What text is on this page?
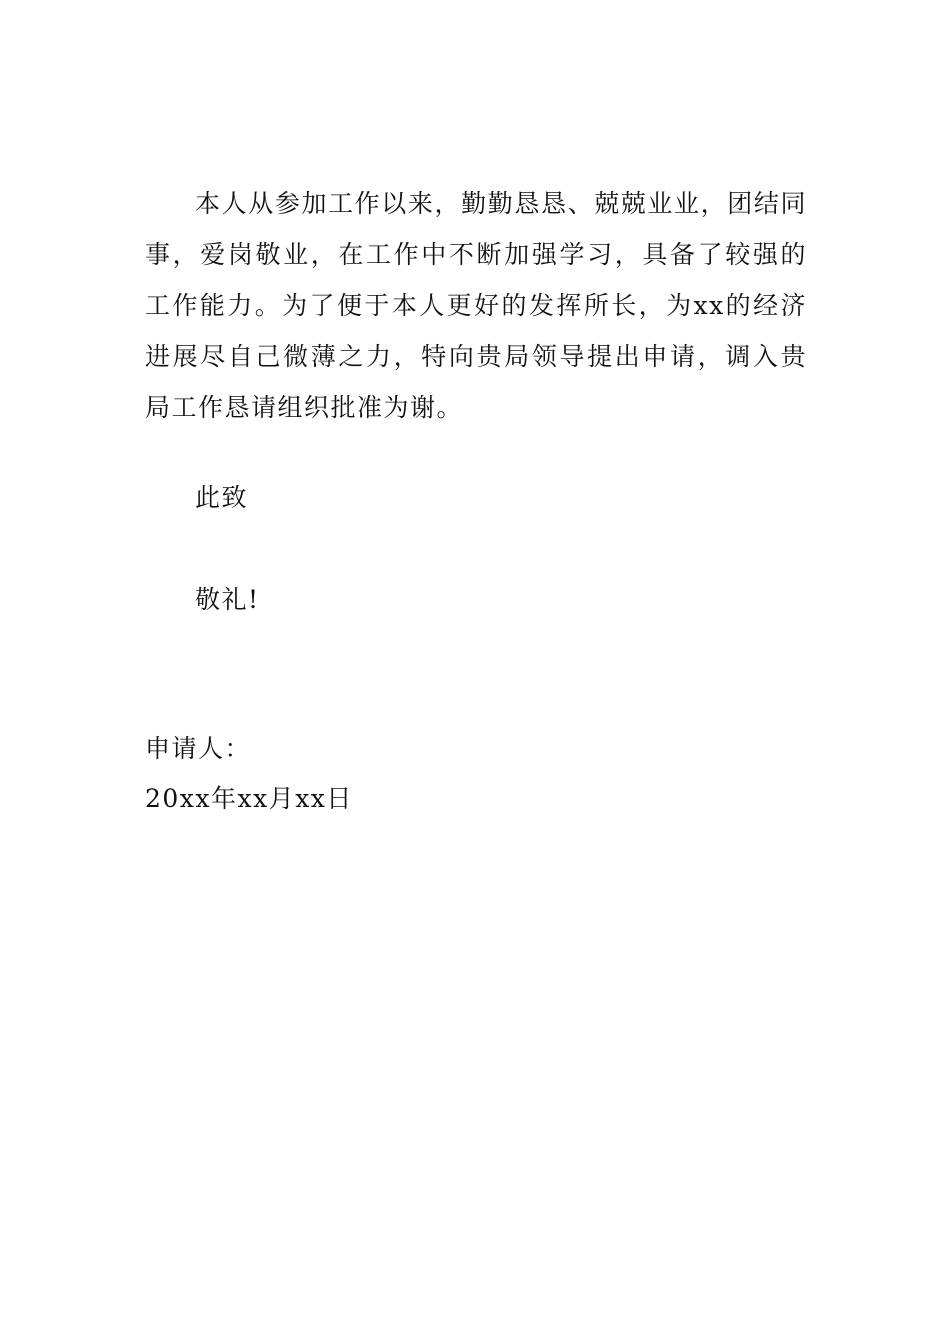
本人从参加工作以来，勤勤恳恳、兢兢业业，团结同事，爱岗敬业，在工作中不断加强学习，具备了较强的工作能力。为了便于本人更好的发挥所长，为xx的经济进展尽自己微薄之力，特向贵局领导提出申请，调入贵局工作恳请组织批准为谢。

此致

敬礼!

申请人：

20xx年xx月xx日
